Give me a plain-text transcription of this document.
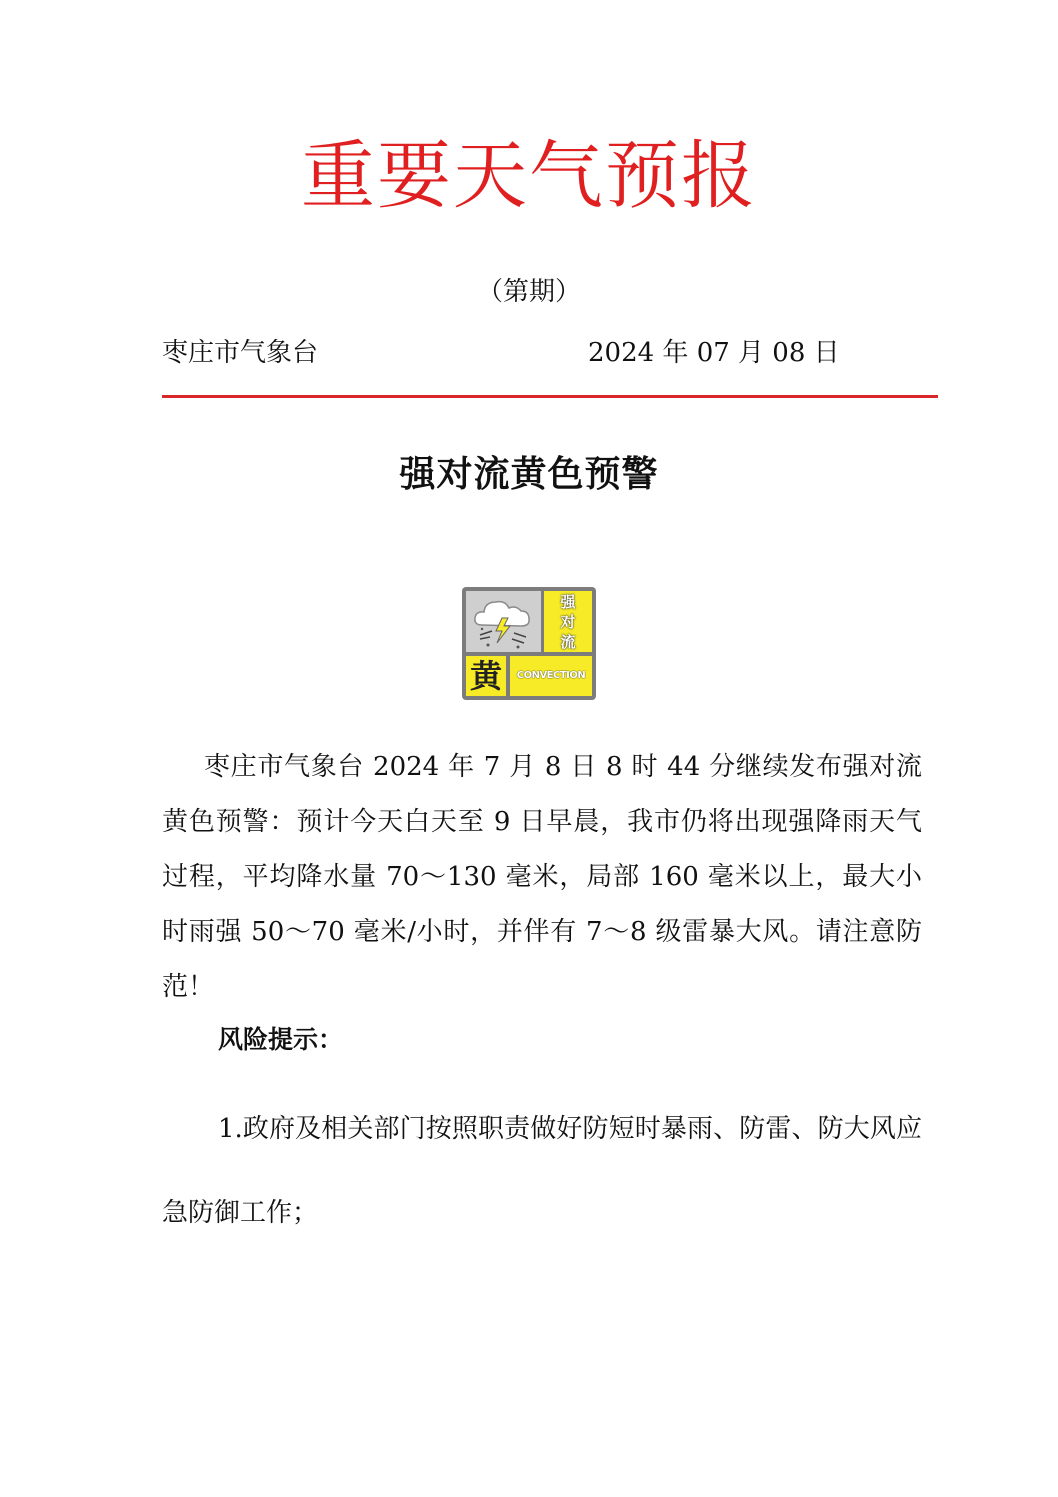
重要天气预报
（第期）
枣庄市气象台	2024 年 07 月 08 日
强对流黄色预警
强
对
流
黄	CONVECTION
枣庄市气象台 2024 年 7 月 8 日 8 时 44 分继续发布强对流黄色预警：预计今天白天至 9 日早晨，我市仍将出现强降雨天气过程，平均降水量 70～130 毫米，局部 160 毫米以上，最大小时雨强 50～70 毫米/小时，并伴有 7～8 级雷暴大风。请注意防范！
风险提示：
1.政府及相关部门按照职责做好防短时暴雨、防雷、防大风应急防御工作；
